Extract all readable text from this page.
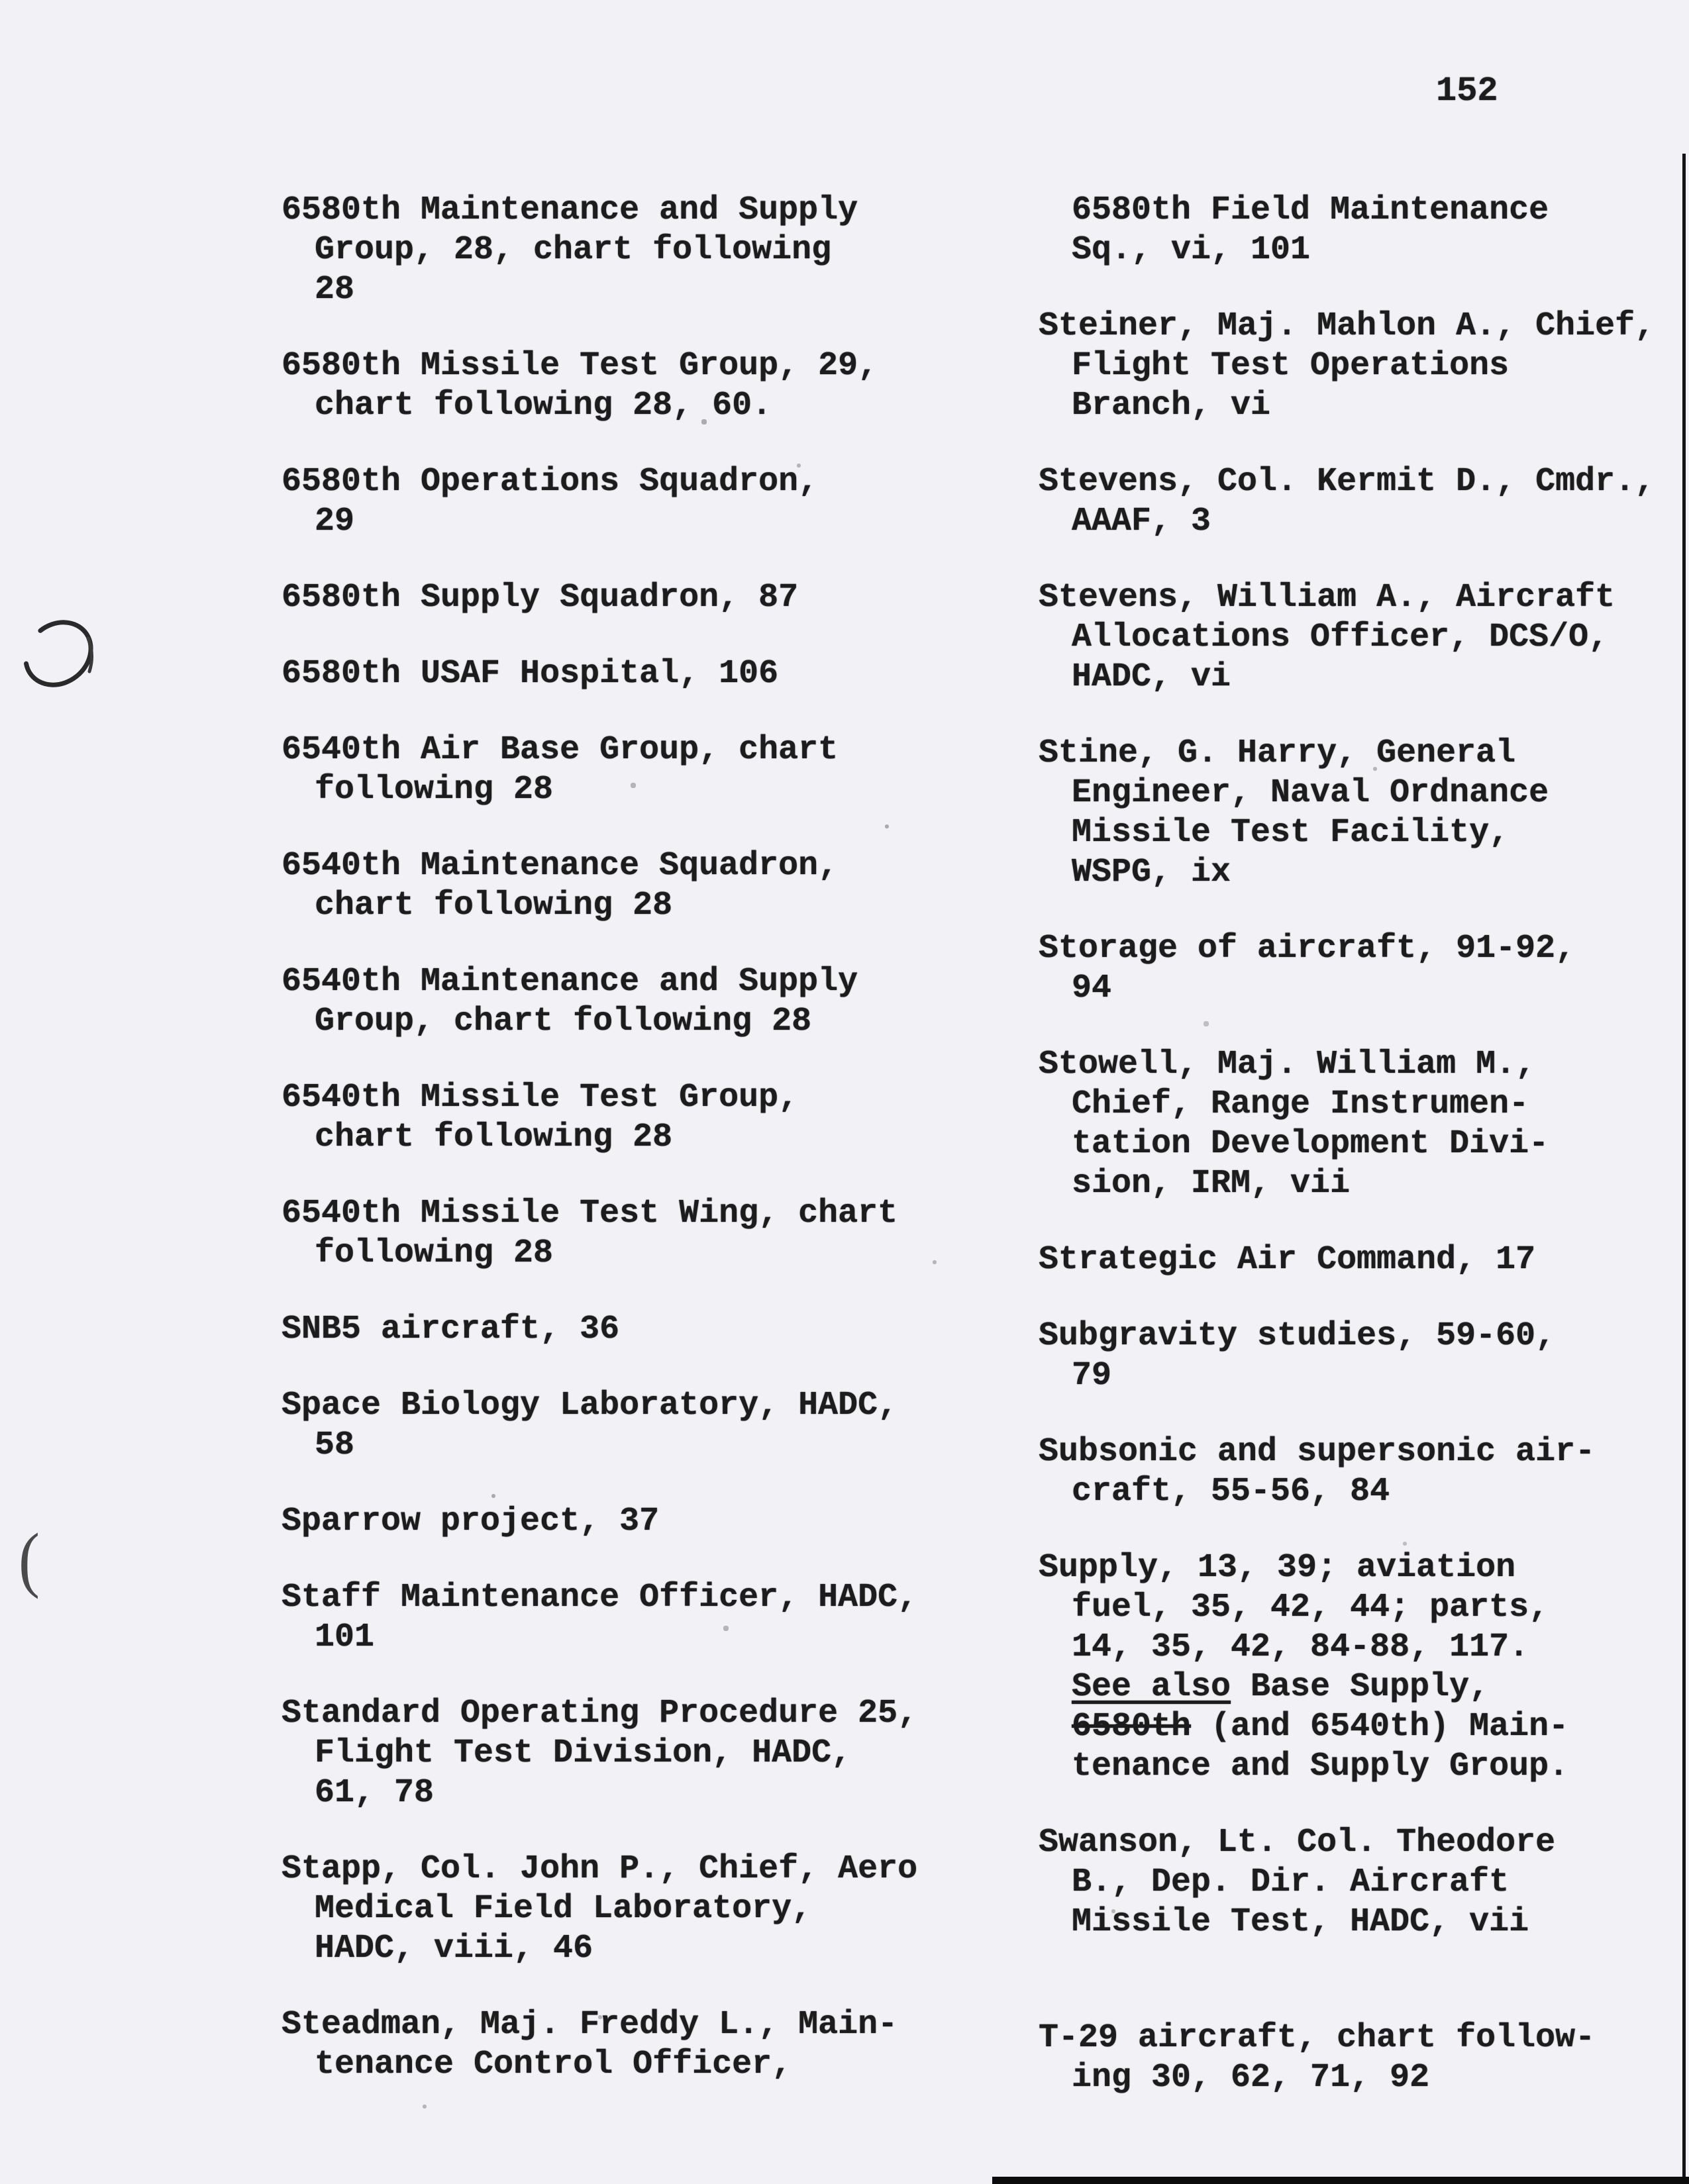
152
6580th Maintenance and Supply
Group, 28, chart following
28
6580th Missile Test Group, 29,
chart following 28, 60.
6580th Operations Squadron,
29
6580th Supply Squadron, 87
6580th USAF Hospital, 106
6540th Air Base Group, chart
following 28
6540th Maintenance Squadron,
chart following 28
6540th Maintenance and Supply
Group, chart following 28
6540th Missile Test Group,
chart following 28
6540th Missile Test Wing, chart
following 28
SNB5 aircraft, 36
Space Biology Laboratory, HADC,
58
Sparrow project, 37
Staff Maintenance Officer, HADC,
101
Standard Operating Procedure 25,
Flight Test Division, HADC,
61, 78
Stapp, Col. John P., Chief, Aero
Medical Field Laboratory,
HADC, viii, 46
Steadman, Maj. Freddy L., Main-
tenance Control Officer,
6580th Field Maintenance
Sq., vi, 101
Steiner, Maj. Mahlon A., Chief,
Flight Test Operations
Branch, vi
Stevens, Col. Kermit D., Cmdr.,
AAAF, 3
Stevens, William A., Aircraft
Allocations Officer, DCS/O,
HADC, vi
Stine, G. Harry, General
Engineer, Naval Ordnance
Missile Test Facility,
WSPG, ix
Storage of aircraft, 91-92,
94
Stowell, Maj. William M.,
Chief, Range Instrumen-
tation Development Divi-
sion, IRM, vii
Strategic Air Command, 17
Subgravity studies, 59-60,
79
Subsonic and supersonic air-
craft, 55-56, 84
Supply, 13, 39; aviation
fuel, 35, 42, 44; parts,
14, 35, 42, 84-88, 117.
See also Base Supply,
6580th (and 6540th) Main-
tenance and Supply Group.
Swanson, Lt. Col. Theodore
B., Dep. Dir. Aircraft
Missile Test, HADC, vii
T-29 aircraft, chart follow-
ing 30, 62, 71, 92
(
